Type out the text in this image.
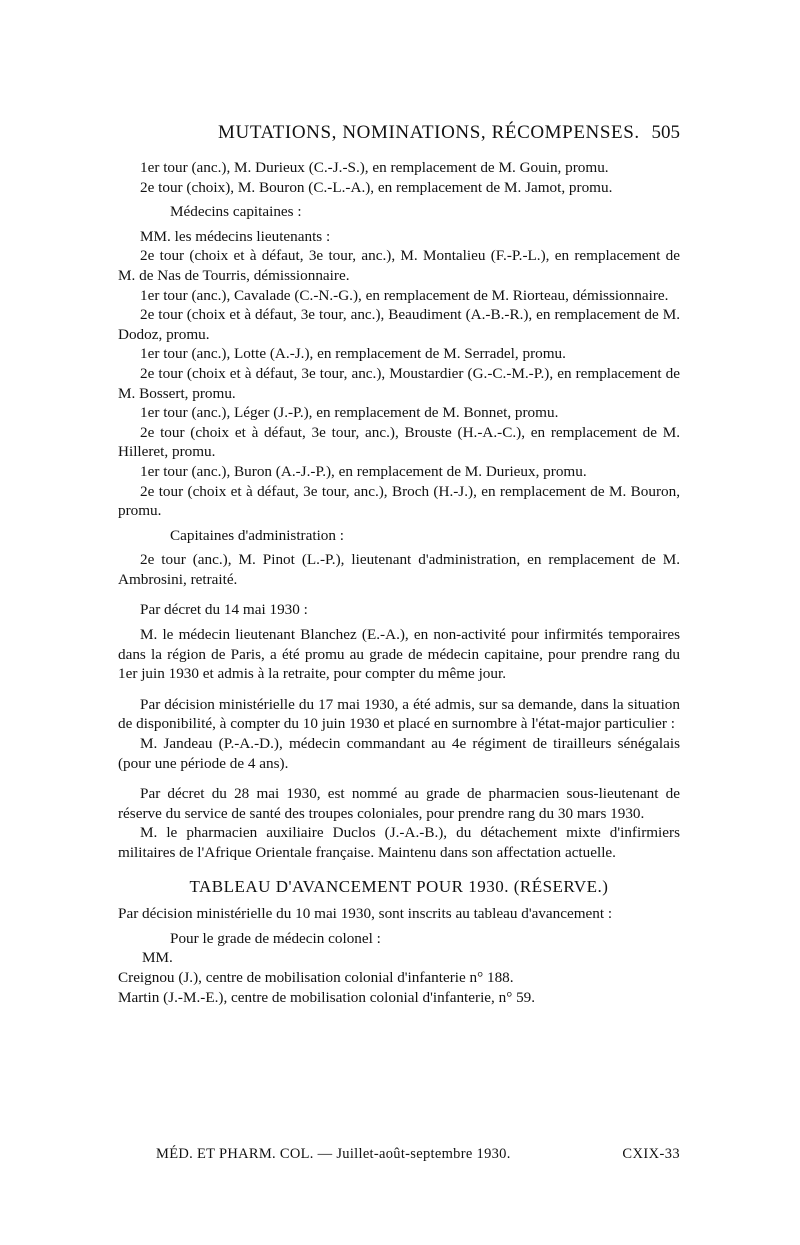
MUTATIONS, NOMINATIONS, RÉCOMPENSES. 505

1er tour (anc.), M. Durieux (C.-J.-S.), en remplacement de M. Gouin, promu.

2e tour (choix), M. Bouron (C.-L.-A.), en remplacement de M. Jamot, promu.

Médecins capitaines :

MM. les médecins lieutenants :

2e tour (choix et à défaut, 3e tour, anc.), M. Montalieu (F.-P.-L.), en remplacement de M. de Nas de Tourris, démissionnaire.

1er tour (anc.), Cavalade (C.-N.-G.), en remplacement de M. Riorteau, démissionnaire.

2e tour (choix et à défaut, 3e tour, anc.), Beaudiment (A.-B.-R.), en remplacement de M. Dodoz, promu.

1er tour (anc.), Lotte (A.-J.), en remplacement de M. Serradel, promu.

2e tour (choix et à défaut, 3e tour, anc.), Moustardier (G.-C.-M.-P.), en remplacement de M. Bossert, promu.

1er tour (anc.), Léger (J.-P.), en remplacement de M. Bonnet, promu.

2e tour (choix et à défaut, 3e tour, anc.), Brouste (H.-A.-C.), en remplacement de M. Hilleret, promu.

1er tour (anc.), Buron (A.-J.-P.), en remplacement de M. Durieux, promu.

2e tour (choix et à défaut, 3e tour, anc.), Broch (H.-J.), en remplacement de M. Bouron, promu.

Capitaines d'administration :

2e tour (anc.), M. Pinot (L.-P.), lieutenant d'administration, en remplacement de M. Ambrosini, retraité.

Par décret du 14 mai 1930 :

M. le médecin lieutenant Blanchez (E.-A.), en non-activité pour infirmités temporaires dans la région de Paris, a été promu au grade de médecin capitaine, pour prendre rang du 1er juin 1930 et admis à la retraite, pour compter du même jour.

Par décision ministérielle du 17 mai 1930, a été admis, sur sa demande, dans la situation de disponibilité, à compter du 10 juin 1930 et placé en surnombre à l'état-major particulier :

M. Jandeau (P.-A.-D.), médecin commandant au 4e régiment de tirailleurs sénégalais (pour une période de 4 ans).

Par décret du 28 mai 1930, est nommé au grade de pharmacien sous-lieutenant de réserve du service de santé des troupes coloniales, pour prendre rang du 30 mars 1930.

M. le pharmacien auxiliaire Duclos (J.-A.-B.), du détachement mixte d'infirmiers militaires de l'Afrique Orientale française. Maintenu dans son affectation actuelle.

TABLEAU D'AVANCEMENT POUR 1930. (RÉSERVE.)

Par décision ministérielle du 10 mai 1930, sont inscrits au tableau d'avancement :

Pour le grade de médecin colonel :

MM.

Creignou (J.), centre de mobilisation colonial d'infanterie n° 188.

Martin (J.-M.-E.), centre de mobilisation colonial d'infanterie, n° 59.

MÉD. ET PHARM. COL. — Juillet-août-septembre 1930.	CXIX-33
